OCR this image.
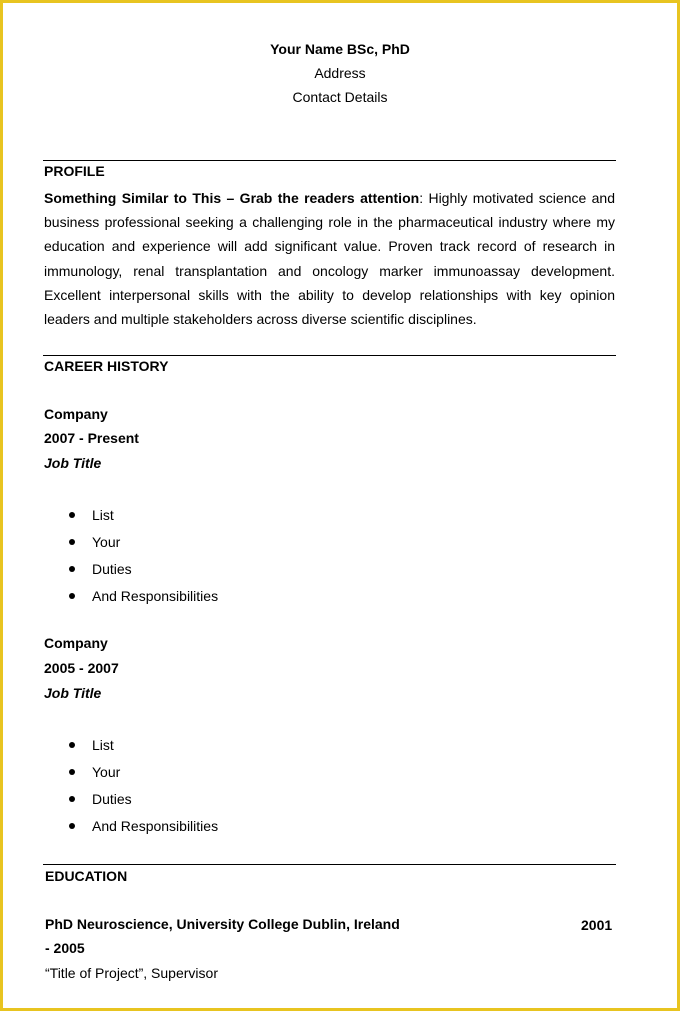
Your Name BSc, PhD
Address
Contact Details
PROFILE

Something Similar to This – Grab the readers attention: Highly motivated science and business professional seeking a challenging role in the pharmaceutical industry where my education and experience will add significant value. Proven track record of research in immunology, renal transplantation and oncology marker immunoassay development. Excellent interpersonal skills with the ability to develop relationships with key opinion leaders and multiple stakeholders across diverse scientific disciplines.

CAREER HISTORY
Company
2007 - Present
Job Title
List
Your
Duties
And Responsibilities
Company
2005 - 2007
Job Title
List
Your
Duties
And Responsibilities
EDUCATION
PhD Neuroscience, University College Dublin, Ireland	2001
- 2005
“Title of Project”, Supervisor
